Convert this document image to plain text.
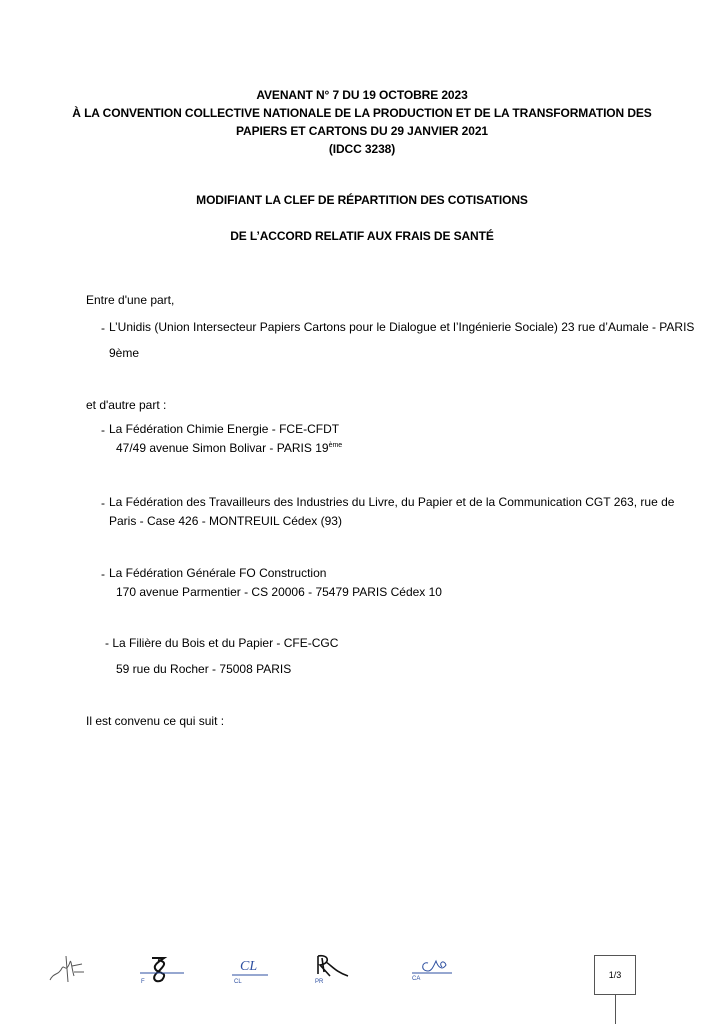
AVENANT N° 7 DU 19 OCTOBRE 2023
À LA CONVENTION COLLECTIVE NATIONALE DE LA PRODUCTION ET DE LA TRANSFORMATION DES
PAPIERS ET CARTONS DU 29 JANVIER 2021
(IDCC 3238)
MODIFIANT LA CLEF DE RÉPARTITION DES COTISATIONS
DE L’ACCORD RELATIF AUX FRAIS DE SANTÉ
Entre d'une part,
- L’Unidis (Union Intersecteur Papiers Cartons pour le Dialogue et l’Ingénierie Sociale) 23 rue d’Aumale - PARIS
9ème
et d'autre part :
- La Fédération Chimie Energie - FCE-CFDT
47/49 avenue Simon Bolivar - PARIS 19ème
- La Fédération des Travailleurs des Industries du Livre, du Papier et de la Communication CGT 263, rue de
Paris - Case 426 - MONTREUIL Cédex (93)
- La Fédération Générale FO Construction
170 avenue Parmentier - CS 20006 - 75479 PARIS Cédex 10
- La Filière du Bois et du Papier - CFE-CGC
59 rue du Rocher - 75008 PARIS
Il est convenu ce qui suit :
F
CL
CL	PR	CA	1/3
